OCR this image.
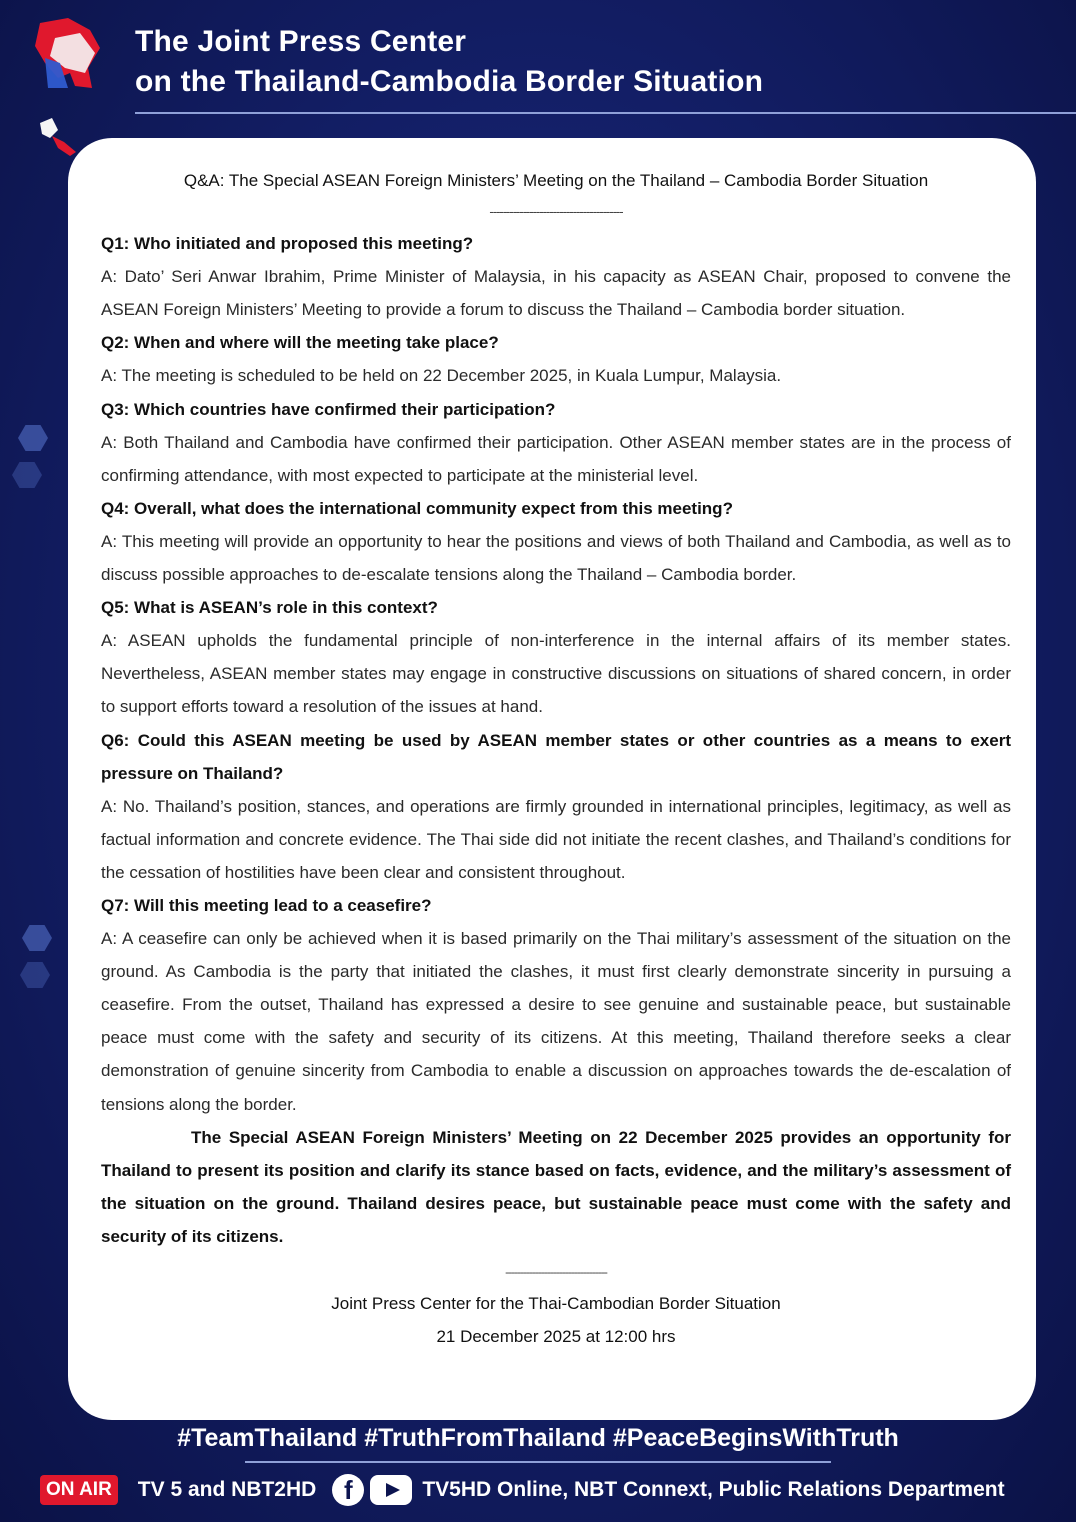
The Joint Press Center
on the Thailand-Cambodia Border Situation
Q&A: The Special ASEAN Foreign Ministers’ Meeting on the Thailand – Cambodia Border Situation
----------------------------------------
Q1: Who initiated and proposed this meeting?
A: Dato’ Seri Anwar Ibrahim, Prime Minister of Malaysia, in his capacity as ASEAN Chair, proposed to convene the ASEAN Foreign Ministers’ Meeting to provide a forum to discuss the Thailand – Cambodia border situation.
Q2: When and where will the meeting take place?
A: The meeting is scheduled to be held on 22 December 2025, in Kuala Lumpur, Malaysia.
Q3: Which countries have confirmed their participation?
A: Both Thailand and Cambodia have confirmed their participation. Other ASEAN member states are in the process of confirming attendance, with most expected to participate at the ministerial level.
Q4: Overall, what does the international community expect from this meeting?
A: This meeting will provide an opportunity to hear the positions and views of both Thailand and Cambodia, as well as to discuss possible approaches to de-escalate tensions along the Thailand – Cambodia border.
Q5: What is ASEAN’s role in this context?
A: ASEAN upholds the fundamental principle of non-interference in the internal affairs of its member states. Nevertheless, ASEAN member states may engage in constructive discussions on situations of shared concern, in order to support efforts toward a resolution of the issues at hand.
Q6: Could this ASEAN meeting be used by ASEAN member states or other countries as a means to exert pressure on Thailand?
A: No. Thailand’s position, stances, and operations are firmly grounded in international principles, legitimacy, as well as factual information and concrete evidence. The Thai side did not initiate the recent clashes, and Thailand’s conditions for the cessation of hostilities have been clear and consistent throughout.
Q7: Will this meeting lead to a ceasefire?
A: A ceasefire can only be achieved when it is based primarily on the Thai military’s assessment of the situation on the ground. As Cambodia is the party that initiated the clashes, it must first clearly demonstrate sincerity in pursuing a ceasefire. From the outset, Thailand has expressed a desire to see genuine and sustainable peace, but sustainable peace must come with the safety and security of its citizens. At this meeting, Thailand therefore seeks a clear demonstration of genuine sincerity from Cambodia to enable a discussion on approaches towards the de-escalation of tensions along the border.
The Special ASEAN Foreign Ministers’ Meeting on 22 December 2025 provides an opportunity for Thailand to present its position and clarify its stance based on facts, evidence, and the military’s assessment of the situation on the ground. Thailand desires peace, but sustainable peace must come with the safety and security of its citizens.
----------------------------------
Joint Press Center for the Thai-Cambodian Border Situation
21 December 2025 at 12:00 hrs
#TeamThailand #TruthFromThailand #PeaceBeginsWithTruth
ON AIR TV 5 and NBT2HD	f	TV5HD Online, NBT Connext, Public Relations Department
